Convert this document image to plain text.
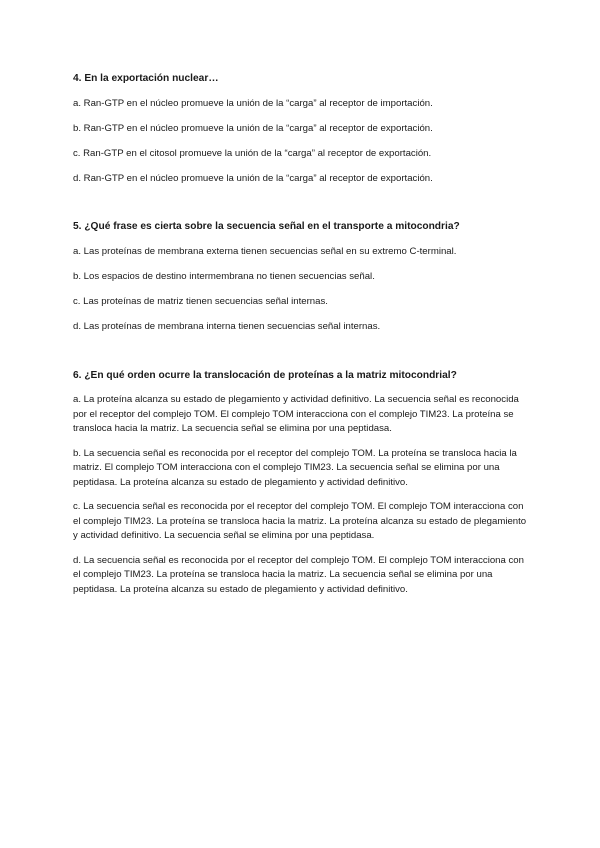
4. En la exportación nuclear…

a. Ran-GTP en el núcleo promueve la unión de la “carga” al receptor de importación.

b. Ran-GTP en el núcleo promueve la unión de la “carga” al receptor de exportación.

c. Ran-GTP en el citosol promueve la unión de la “carga” al receptor de exportación.

d. Ran-GTP en el núcleo promueve la unión de la “carga” al receptor de exportación.

5. ¿Qué frase es cierta sobre la secuencia señal en el transporte a mitocondria?

a. Las proteínas de membrana externa tienen secuencias señal en su extremo C-terminal.

b. Los espacios de destino intermembrana no tienen secuencias señal.

c. Las proteínas de matriz tienen secuencias señal internas.

d. Las proteínas de membrana interna tienen secuencias señal internas.

6. ¿En qué orden ocurre la translocación de proteínas a la matriz mitocondrial?

a. La proteína alcanza su estado de plegamiento y actividad definitivo. La secuencia señal es reconocida por el receptor del complejo TOM. El complejo TOM interacciona con el complejo TIM23. La proteína se transloca hacia la matriz. La secuencia señal se elimina por una peptidasa.

b. La secuencia señal es reconocida por el receptor del complejo TOM. La proteína se transloca hacia la matriz. El complejo TOM interacciona con el complejo TIM23. La secuencia señal se elimina por una peptidasa. La proteína alcanza su estado de plegamiento y actividad definitivo.

c. La secuencia señal es reconocida por el receptor del complejo TOM. El complejo TOM interacciona con el complejo TIM23. La proteína se transloca hacia la matriz. La proteína alcanza su estado de plegamiento y actividad definitivo. La secuencia señal se elimina por una peptidasa.

d. La secuencia señal es reconocida por el receptor del complejo TOM. El complejo TOM interacciona con el complejo TIM23. La proteína se transloca hacia la matriz. La secuencia señal se elimina por una peptidasa. La proteína alcanza su estado de plegamiento y actividad definitivo.
